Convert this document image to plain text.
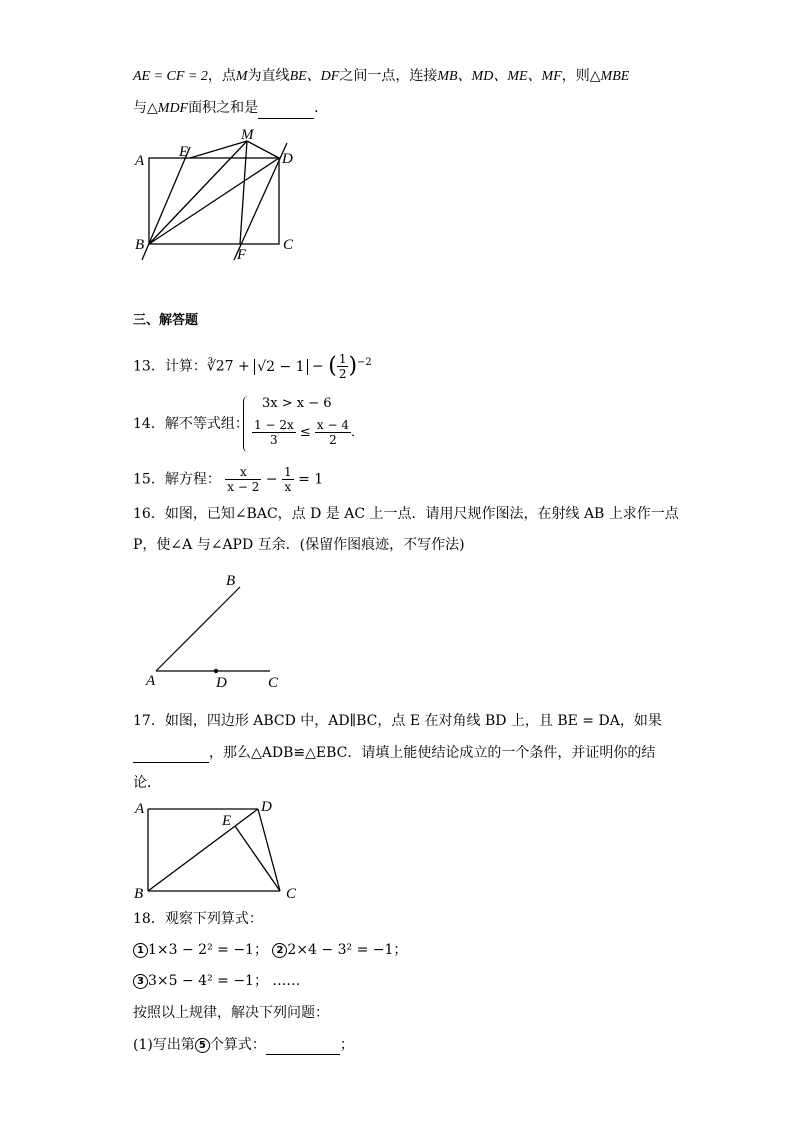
AE = CF = 2，点M为直线BE、DF之间一点，连接MB、MD、ME、MF，则△MBE
与△MDF面积之和是	．
A
E
M
D
B
F
C
三、解答题
13．计算：∛27 + √2 − 1 − ( $\frac{1}{2} )^{-2}$
14．解不等式组：
3x > x − 6
$\frac{1 - 2x}{3} \le \frac{x - 4}{2}$ ．
15．解方程： $\frac{x}{x - 2} - \frac{1}{x} = 1$
16．如图，已知∠BAC，点 D 是 AC 上一点．请用尺规作图法，在射线 AB 上求作一点
P，使∠A 与∠APD 互余．(保留作图痕迹，不写作法)
B
A	D	C
17．如图，四边形 ABCD 中，AD∥BC，点 E 在对角线 BD 上，且 BE = DA，如果
，那么△ADB≌△EBC．请填上能使结论成立的一个条件，并证明你的结
论．
A	D
E
B	C
18．观察下列算式：
1 1×3 − 2² = −1； 2 2×4 − 3² = −1；
3 3×5 − 4² = −1； ……
按照以上规律，解决下列问题：
(1)写出第 5 个算式：	；
